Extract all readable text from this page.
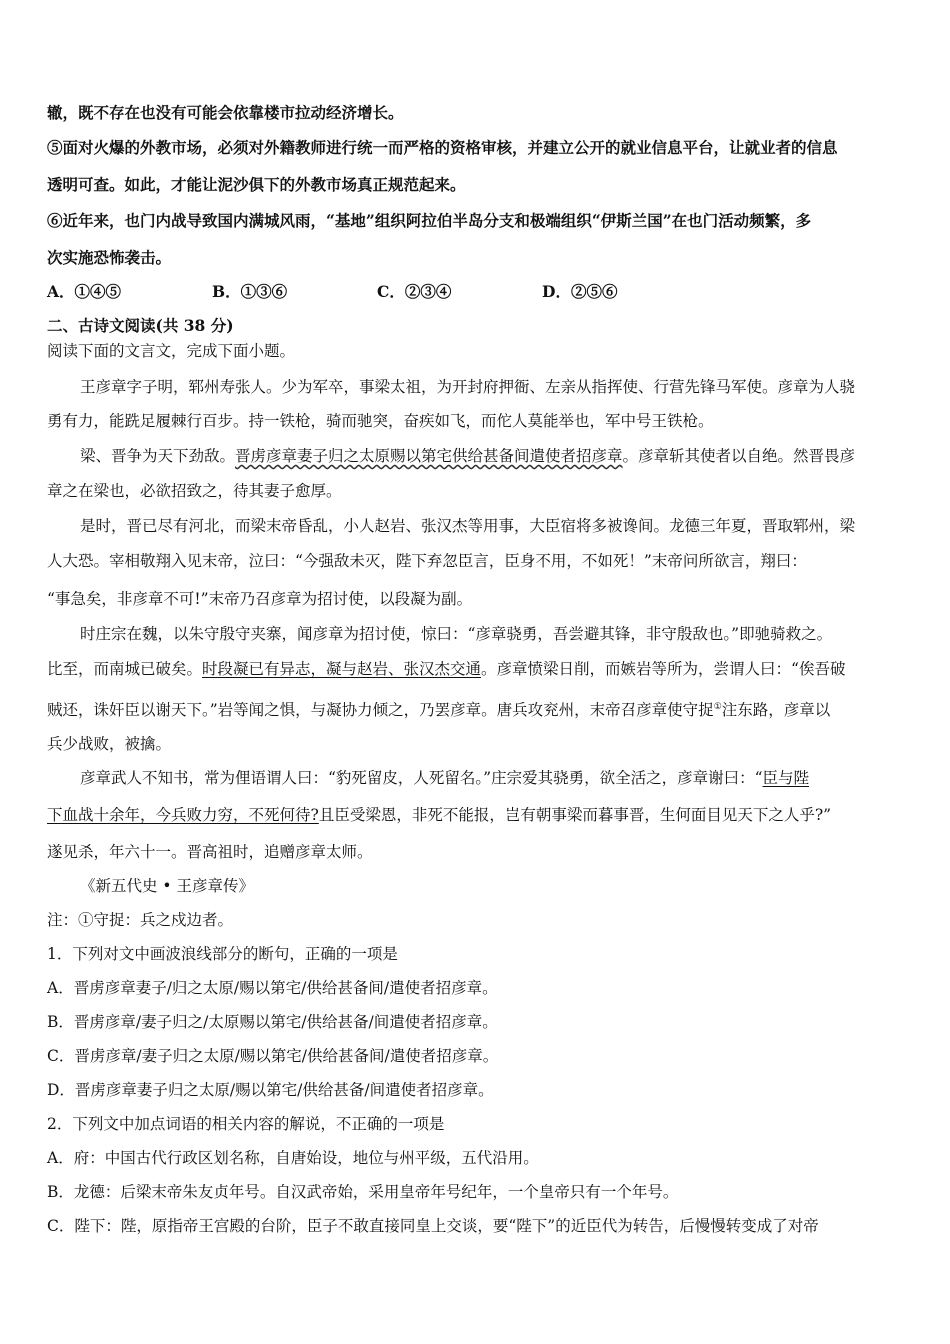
辙，既不存在也没有可能会依靠楼市拉动经济增长。
⑤面对火爆的外教市场，必须对外籍教师进行统一而严格的资格审核，并建立公开的就业信息平台，让就业者的信息
透明可查。如此，才能让泥沙俱下的外教市场真正规范起来。
⑥近年来，也门内战导致国内满城风雨，“基地”组织阿拉伯半岛分支和极端组织“伊斯兰国”在也门活动频繁，多
次实施恐怖袭击。
A．①④⑤	B．①③⑥	C．②③④	D．②⑤⑥
二、古诗文阅读(共 38 分)
阅读下面的文言文，完成下面小题。
王彦章字子明，郓州寿张人。少为军卒，事梁太祖，为开封府押衙、左亲从指挥使、行营先锋马军使。彦章为人骁
勇有力，能跣足履棘行百步。持一铁枪，骑而驰突，奋疾如飞，而佗人莫能举也，军中号王铁枪。
梁、晋争为天下劲敌。晋虏彦章妻子归之太原赐以第宅供给甚备间遣使者招彦章。彦章斩其使者以自绝。然晋畏彦
章之在梁也，必欲招致之，待其妻子愈厚。
是时，晋已尽有河北，而梁末帝昏乱，小人赵岩、张汉杰等用事，大臣宿将多被谗间。龙德三年夏，晋取郓州，梁
人大恐。宰相敬翔入见末帝，泣曰：“今强敌未灭，陛下弃忽臣言，臣身不用，不如死！”末帝问所欲言，翔曰：
“事急矣，非彦章不可!”末帝乃召彦章为招讨使，以段凝为副。
时庄宗在魏，以朱守殷守夹寨，闻彦章为招讨使，惊曰：“彦章骁勇，吾尝避其锋，非守殷敌也。”即驰骑救之。
比至，而南城已破矣。时段凝已有异志，凝与赵岩、张汉杰交通。彦章愤梁日削，而嫉岩等所为，尝谓人曰：“俟吾破
贼还，诛奸臣以谢天下。”岩等闻之惧，与凝协力倾之，乃罢彦章。唐兵攻兖州，末帝召彦章使守捉①注东路，彦章以
兵少战败，被擒。
彦章武人不知书，常为俚语谓人曰：“豹死留皮，人死留名。”庄宗爱其骁勇，欲全活之，彦章谢曰：“臣与陛
下血战十余年，今兵败力穷，不死何待?且臣受梁恩，非死不能报，岂有朝事梁而暮事晋，生何面目见天下之人乎?”
遂见杀，年六十一。晋高祖时，追赠彦章太师。
《新五代史 • 王彦章传》
注：①守捉：兵之戍边者。
1．下列对文中画波浪线部分的断句，正确的一项是
A．晋虏彦章妻子/归之太原/赐以第宅/供给甚备间/遣使者招彦章。
B．晋虏彦章/妻子归之/太原赐以第宅/供给甚备/间遣使者招彦章。
C．晋虏彦章/妻子归之太原/赐以第宅/供给甚备间/遣使者招彦章。
D．晋虏彦章妻子归之太原/赐以第宅/供给甚备/间遣使者招彦章。
2．下列文中加点词语的相关内容的解说，不正确的一项是
A．府：中国古代行政区划名称，自唐始设，地位与州平级，五代沿用。
B．龙德：后梁末帝朱友贞年号。自汉武帝始，采用皇帝年号纪年，一个皇帝只有一个年号。
C．陛下：陛，原指帝王宫殿的台阶，臣子不敢直接同皇上交谈，要“陛下”的近臣代为转告，后慢慢转变成了对帝
